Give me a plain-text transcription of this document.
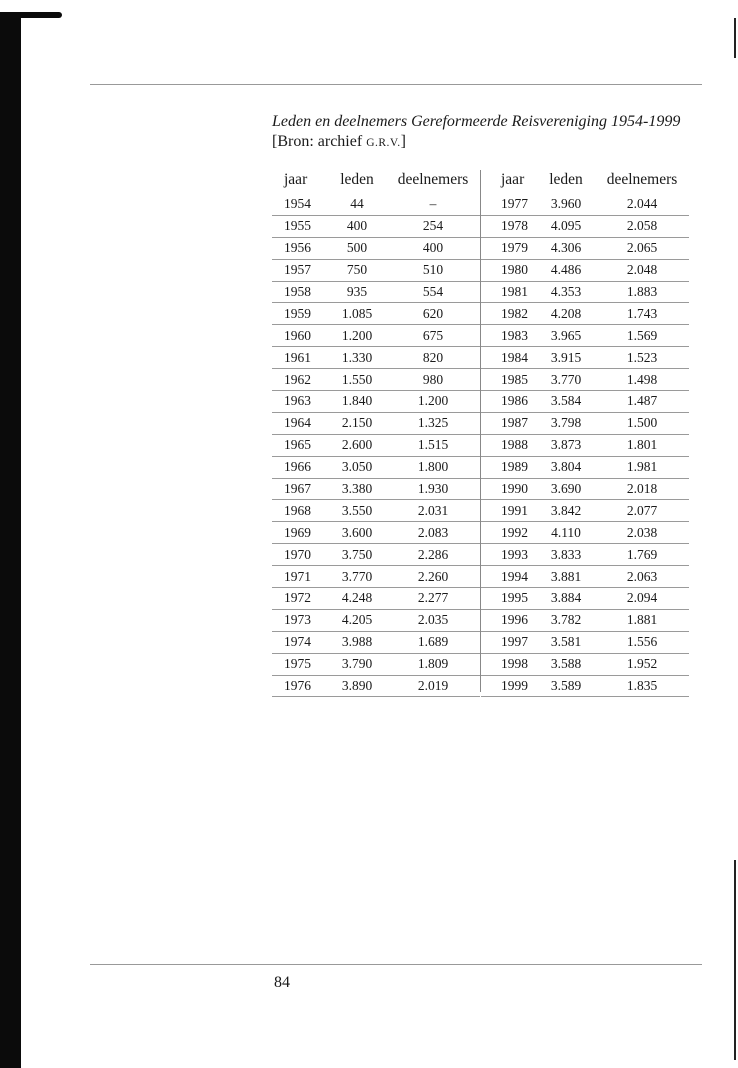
Leden en deelnemers Gereformeerde Reisvereniging 1954-1999
[Bron: archief G.R.V.]
jaar	leden	deelnemers
1954	44	–
1955	400	254
1956	500	400
1957	750	510
1958	935	554
1959	1.085	620
1960	1.200	675
1961	1.330	820
1962	1.550	980
1963	1.840	1.200
1964	2.150	1.325
1965	2.600	1.515
1966	3.050	1.800
1967	3.380	1.930
1968	3.550	2.031
1969	3.600	2.083
1970	3.750	2.286
1971	3.770	2.260
1972	4.248	2.277
1973	4.205	2.035
1974	3.988	1.689
1975	3.790	1.809
1976	3.890	2.019
jaar	leden	deelnemers
1977	3.960	2.044
1978	4.095	2.058
1979	4.306	2.065
1980	4.486	2.048
1981	4.353	1.883
1982	4.208	1.743
1983	3.965	1.569
1984	3.915	1.523
1985	3.770	1.498
1986	3.584	1.487
1987	3.798	1.500
1988	3.873	1.801
1989	3.804	1.981
1990	3.690	2.018
1991	3.842	2.077
1992	4.110	2.038
1993	3.833	1.769
1994	3.881	2.063
1995	3.884	2.094
1996	3.782	1.881
1997	3.581	1.556
1998	3.588	1.952
1999	3.589	1.835
84
